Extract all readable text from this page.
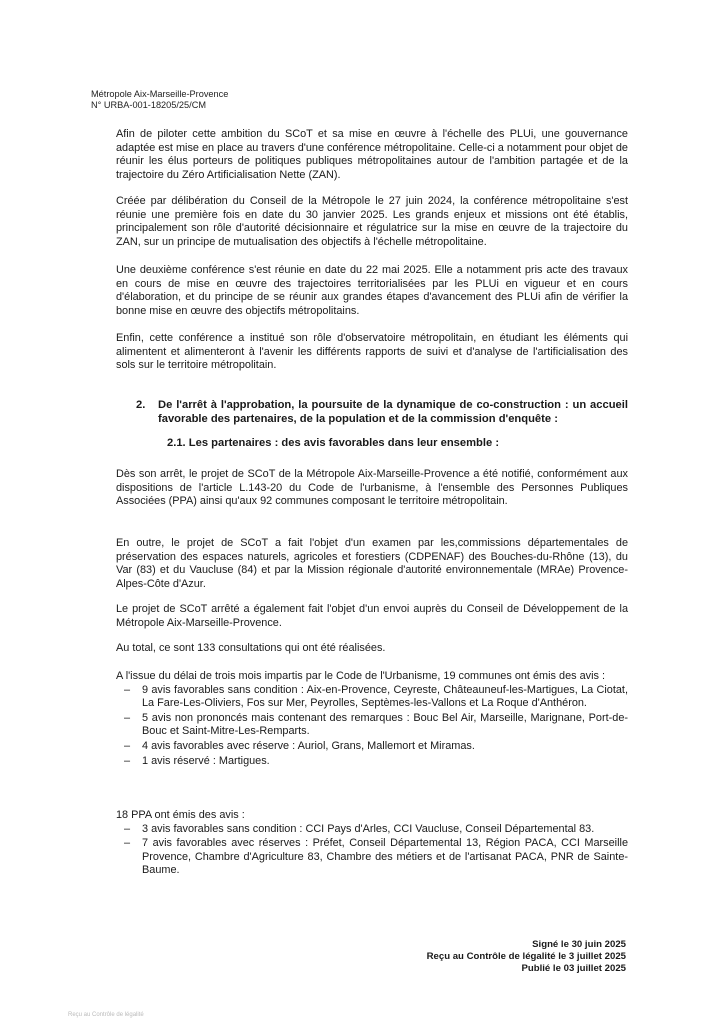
Métropole Aix-Marseille-Provence
N° URBA-001-18205/25/CM

Afin de piloter cette ambition du SCoT et sa mise en œuvre à l'échelle des PLUi, une gouvernance adaptée est mise en place au travers d'une conférence métropolitaine. Celle-ci a notamment pour objet de réunir les élus porteurs de politiques publiques métropolitaines autour de l'ambition partagée et de la trajectoire du Zéro Artificialisation Nette (ZAN).

Créée par délibération du Conseil de la Métropole le 27 juin 2024, la conférence métropolitaine s'est réunie une première fois en date du 30 janvier 2025. Les grands enjeux et missions ont été établis, principalement son rôle d'autorité décisionnaire et régulatrice sur la mise en œuvre de la trajectoire du ZAN, sur un principe de mutualisation des objectifs à l'échelle métropolitaine.

Une deuxième conférence s'est réunie en date du 22 mai 2025. Elle a notamment pris acte des travaux en cours de mise en œuvre des trajectoires territorialisées par les PLUi en vigueur et en cours d'élaboration, et du principe de se réunir aux grandes étapes d'avancement des PLUi afin de vérifier la bonne mise en œuvre des objectifs métropolitains.

Enfin, cette conférence a institué son rôle d'observatoire métropolitain, en étudiant les éléments qui alimentent et alimenteront à l'avenir les différents rapports de suivi et d'analyse de l'artificialisation des sols sur le territoire métropolitain.

2. De l'arrêt à l'approbation, la poursuite de la dynamique de co-construction : un accueil favorable des partenaires, de la population et de la commission d'enquête :
2.1. Les partenaires : des avis favorables dans leur ensemble :

Dès son arrêt, le projet de SCoT de la Métropole Aix-Marseille-Provence a été notifié, conformément aux dispositions de l'article L.143-20 du Code de l'urbanisme, à l'ensemble des Personnes Publiques Associées (PPA) ainsi qu'aux 92 communes composant le territoire métropolitain.

En outre, le projet de SCoT a fait l'objet d'un examen par les,commissions départementales de préservation des espaces naturels, agricoles et forestiers (CDPENAF) des Bouches-du-Rhône (13), du Var (83) et du Vaucluse (84) et par la Mission régionale d'autorité environnementale (MRAe) Provence-Alpes-Côte d'Azur.

Le projet de SCoT arrêté a également fait l'objet d'un envoi auprès du Conseil de Développement de la Métropole Aix-Marseille-Provence.

Au total, ce sont 133 consultations qui ont été réalisées.

A l'issue du délai de trois mois impartis par le Code de l'Urbanisme, 19 communes ont émis des avis :

– 9 avis favorables sans condition : Aix-en-Provence, Ceyreste, Châteauneuf-les-Martigues, La Ciotat, La Fare-Les-Oliviers, Fos sur Mer, Peyrolles, Septèmes-les-Vallons et La Roque d'Anthéron.
– 5 avis non prononcés mais contenant des remarques : Bouc Bel Air, Marseille, Marignane, Port-de-Bouc et Saint-Mitre-Les-Remparts.
– 4 avis favorables avec réserve : Auriol, Grans, Mallemort et Miramas.
– 1 avis réservé : Martigues.

18 PPA ont émis des avis :

– 3 avis favorables sans condition : CCI Pays d'Arles, CCI Vaucluse, Conseil Départemental 83.
– 7 avis favorables avec réserves : Préfet, Conseil Départemental 13, Région PACA, CCI Marseille Provence, Chambre d'Agriculture 83, Chambre des métiers et de l'artisanat PACA, PNR de Sainte-Baume.
Signé le 30 juin 2025
Reçu au Contrôle de légalité le 3 juillet 2025
Publié le 03 juillet 2025
Reçu au Contrôle de légalité
